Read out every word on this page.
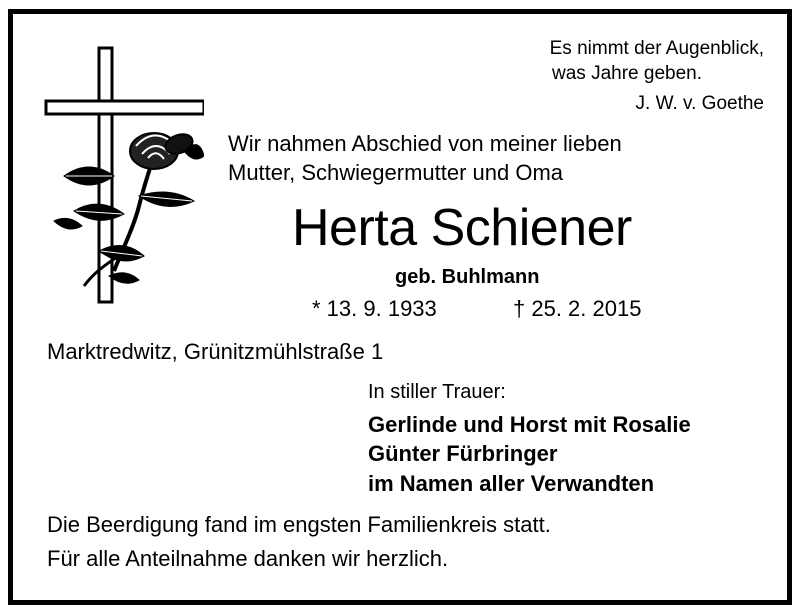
Es nimmt der Augenblick,
was Jahre geben.
J. W. v. Goethe
Wir nahmen Abschied von meiner lieben
Mutter, Schwiegermutter und Oma
Herta Schiener
geb. Buhlmann
* 13. 9. 1933	† 25. 2. 2015
Marktredwitz, Grünitzmühlstraße 1
In stiller Trauer:
Gerlinde und Horst mit Rosalie
Günter Fürbringer
im Namen aller Verwandten
Die Beerdigung fand im engsten Familienkreis statt.
Für alle Anteilnahme danken wir herzlich.
